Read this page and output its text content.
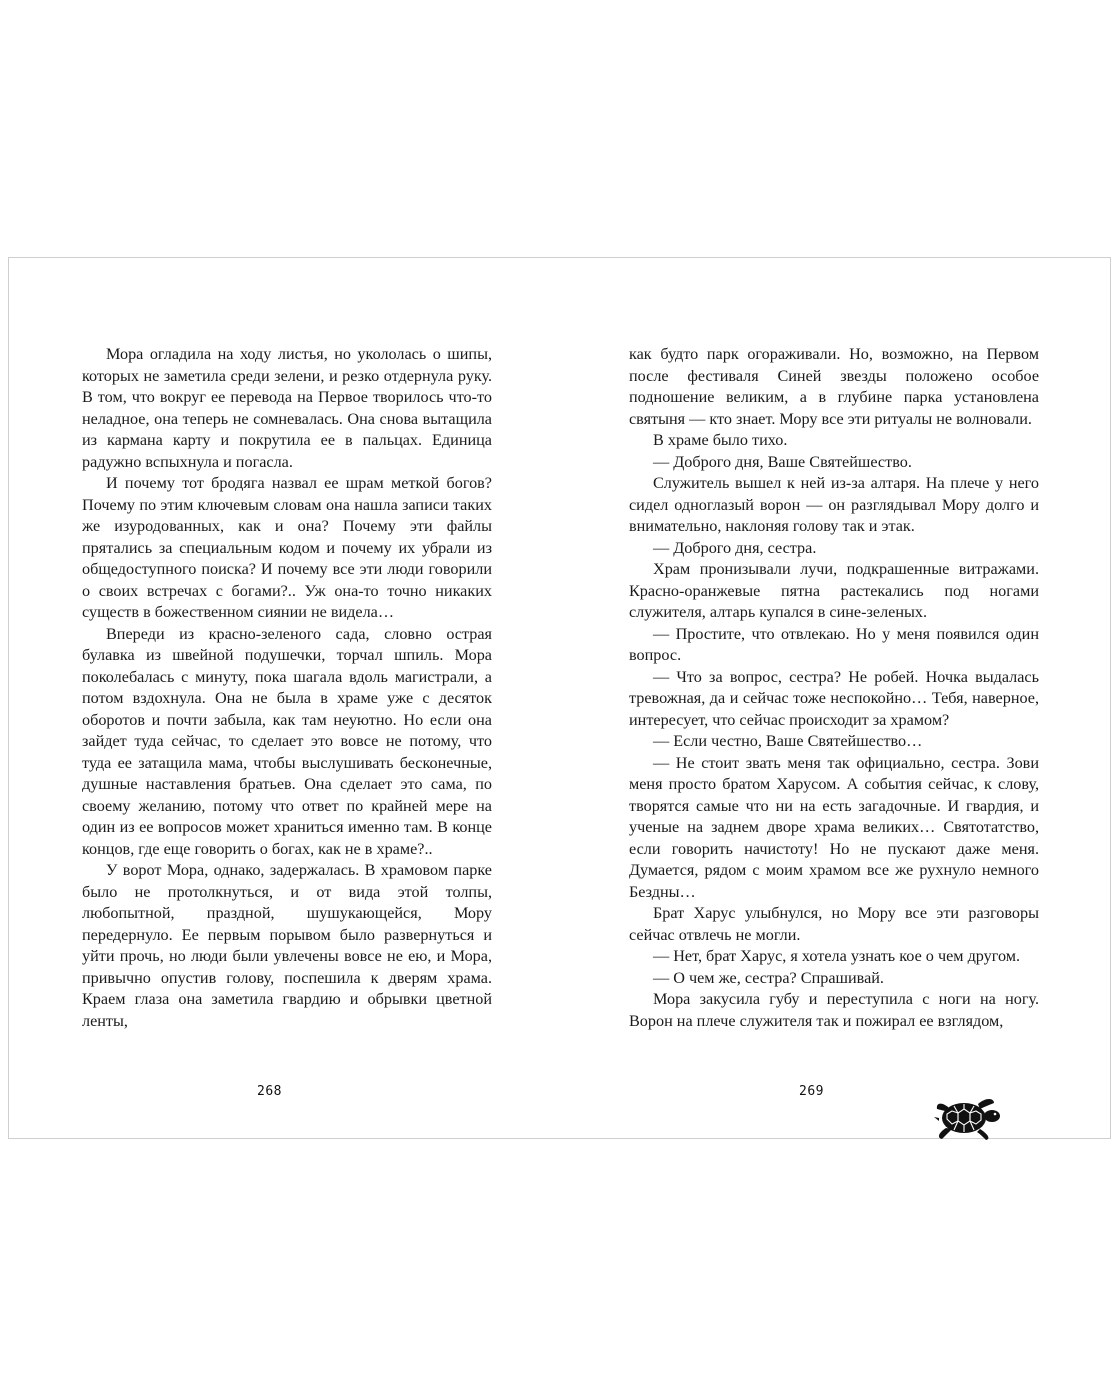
Мора огладила на ходу листья, но укололась о шипы, которых не заметила среди зелени, и резко отдернула руку. В том, что вокруг ее перевода на Первое творилось что-то неладное, она теперь не сомневалась. Она снова вытащила из кармана карту и покрутила ее в пальцах. Единица радужно вспыхнула и погасла.

И почему тот бродяга назвал ее шрам меткой богов? Почему по этим ключевым словам она нашла записи таких же изуродованных, как и она? Почему эти файлы прятались за специальным кодом и почему их убрали из общедоступного поиска? И почему все эти люди говорили о своих встречах с богами?.. Уж она-то точно никаких существ в божественном сиянии не видела…

Впереди из красно-зеленого сада, словно острая булавка из швейной подушечки, торчал шпиль. Мора поколебалась с минуту, пока шагала вдоль магистрали, а потом вздохнула. Она не была в храме уже с десяток оборотов и почти забыла, как там неуютно. Но если она зайдет туда сейчас, то сделает это вовсе не потому, что туда ее затащила мама, чтобы выслушивать бесконечные, душные наставления братьев. Она сделает это сама, по своему желанию, потому что ответ по крайней мере на один из ее вопросов может храниться именно там. В конце концов, где еще говорить о богах, как не в храме?..

У ворот Мора, однако, задержалась. В храмовом парке было не протолкнуться, и от вида этой толпы, любопытной, праздной, шушукающейся, Мору передернуло. Ее первым порывом было развернуться и уйти прочь, но люди были увлечены вовсе не ею, и Мора, привычно опустив голову, поспешила к дверям храма. Краем глаза она заметила гвардию и обрывки цветной ленты,

как будто парк огораживали. Но, возможно, на Первом после фестиваля Синей звезды положено особое подношение великим, а в глубине парка установлена святыня — кто знает. Мору все эти ритуалы не волновали.

В храме было тихо.

— Доброго дня, Ваше Святейшество.

Служитель вышел к ней из-за алтаря. На плече у него сидел одноглазый ворон — он разглядывал Мору долго и внимательно, наклоняя голову так и этак.

— Доброго дня, сестра.

Храм пронизывали лучи, подкрашенные витражами. Красно-оранжевые пятна растекались под ногами служителя, алтарь купался в сине-зеленых.

— Простите, что отвлекаю. Но у меня появился один вопрос.

— Что за вопрос, сестра? Не робей. Ночка выдалась тревожная, да и сейчас тоже неспокойно… Тебя, наверное, интересует, что сейчас происходит за храмом?

— Если честно, Ваше Святейшество…

— Не стоит звать меня так официально, сестра. Зови меня просто братом Харусом. А события сейчас, к слову, творятся самые что ни на есть загадочные. И гвардия, и ученые на заднем дворе храма великих… Святотатство, если говорить начистоту! Но не пускают даже меня. Думается, рядом с моим храмом все же рухнуло немного Бездны…

Брат Харус улыбнулся, но Мору все эти разговоры сейчас отвлечь не могли.

— Нет, брат Харус, я хотела узнать кое о чем другом.

— О чем же, сестра? Спрашивай.

Мора закусила губу и переступила с ноги на ногу. Ворон на плече служителя так и пожирал ее взглядом,

268	269
